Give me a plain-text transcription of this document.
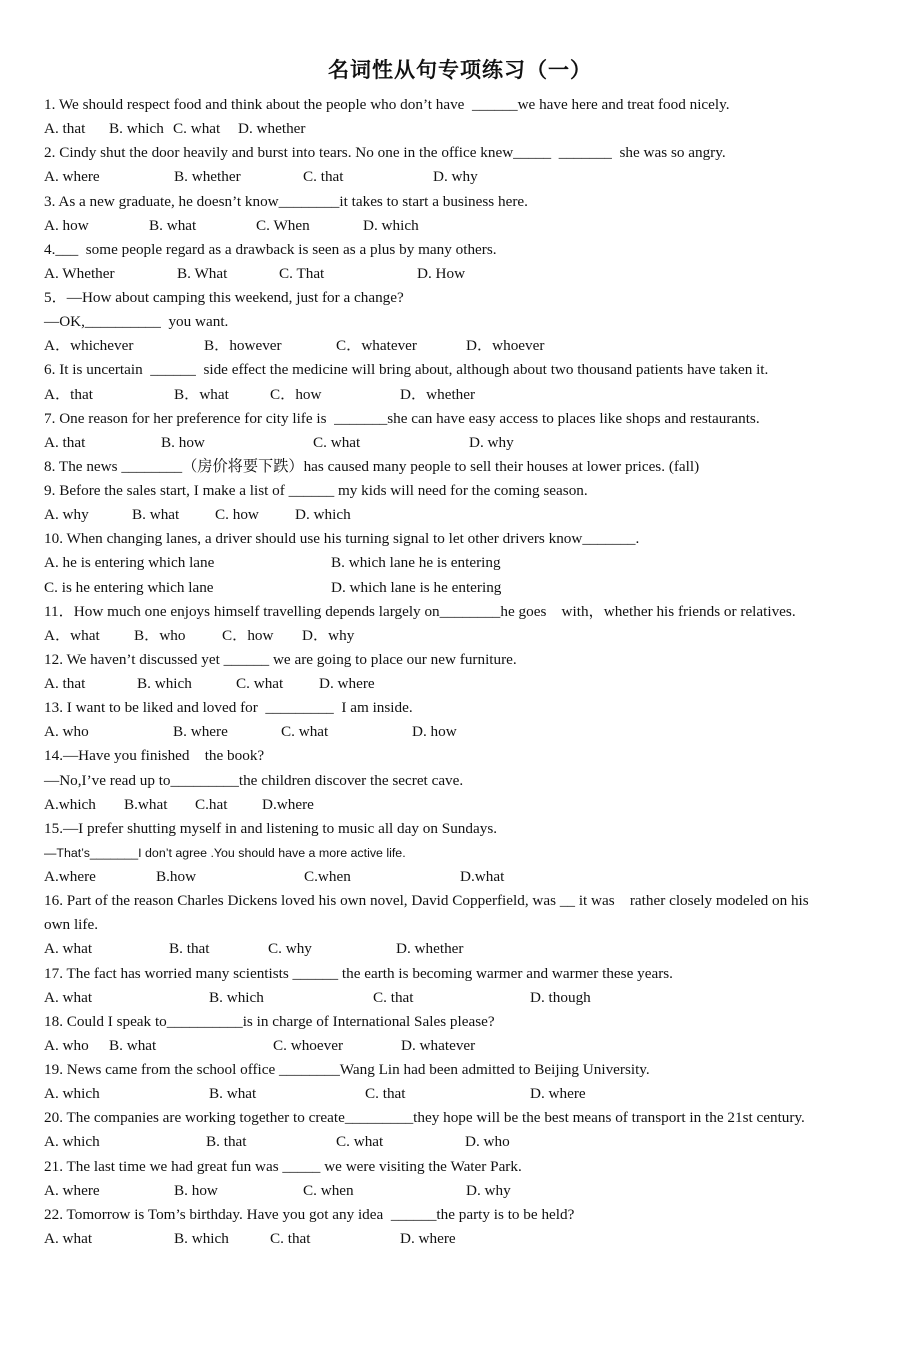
名词性从句专项练习（一）
1. We should respect food and think about the people who don’t have  ______we have here and treat food nicely.

A. that

B. which

C. what

D. whether

2. Cindy shut the door heavily and burst into tears. No one in the office knew_____  _______  she was so angry.

A. where

	B. whether

	C. that

	D. why

3. As a new graduate, he doesn’t know________it takes to start a business here.

A. how

	B. what

	C. When

	D. which

4.___  some people regard as a drawback is seen as a plus by many others.

A. Whether

	B. What

	C. That

	D. How

5．—How about camping this weekend, just for a change?
—OK,__________  you want.

A．whichever

	B．however

	C．whatever

	D．whoever

6. It is uncertain  ______  side effect the medicine will bring about, although about two thousand patients have taken it.

A．that

	B．what

	C．how

	D．whether

7. One reason for her preference for city life is  _______she can have easy access to places like shops and restaurants.

A. that

	B. how

	C. what

	D. why

8. The news ________（房价将要下跌）has caused many people to sell their houses at lower prices. (fall)
9. Before the sales start, I make a list of ______ my kids will need for the coming season.

A. why

	B. what

C. how

D. which

10. When changing lanes, a driver should use his turning signal to let other drivers know_______.

A. he is entering which lane

	B. which lane he is entering

C. is he entering which lane

	D. which lane is he entering

11．How much one enjoys himself travelling depends largely on________he goes    with，whether his friends or relatives.

A．what

B．who

C．how

D．why

12. We haven’t discussed yet ______ we are going to place our new furniture.

A. that

	B. which

	C. what

D. where

13. I want to be liked and loved for  _________  I am inside.

A. who

	B. where

	C. what

	D. how

14.—Have you finished    the book?
—No,I’ve read up to_________the children discover the secret cave.

A.which

B.what

C.hat

D.where

15.—I prefer shutting myself in and listening to music all day on Sundays.
—That’s_______I don’t agree .You should have a more active life.

A.where

	B.how

	C.when

	D.what

16. Part of the reason Charles Dickens loved his own novel, David Copperfield, was __ it was    rather closely modeled on his
own life.

A. what

	B. that

	C. why

	D. whether

17. The fact has worried many scientists ______ the earth is becoming warmer and warmer these years.

A. what

	B. which

	C. that

	D. though

18. Could I speak to__________is in charge of International Sales please?

A. who

B. what

	C. whoever

	D. whatever

19. News came from the school office ________Wang Lin had been admitted to Beijing University.

A. which

	B. what

	C. that

	D. where

20. The companies are working together to create_________they hope will be the best means of transport in the 21st century.

A. which

	B. that

	C. what

	D. who

21. The last time we had great fun was _____ we were visiting the Water Park.

A. where

	B. how

	C. when

	D. why

22. Tomorrow is Tom’s birthday. Have you got any idea  ______the party is to be held?

A. what

	B. which

	C. that

	D. where
